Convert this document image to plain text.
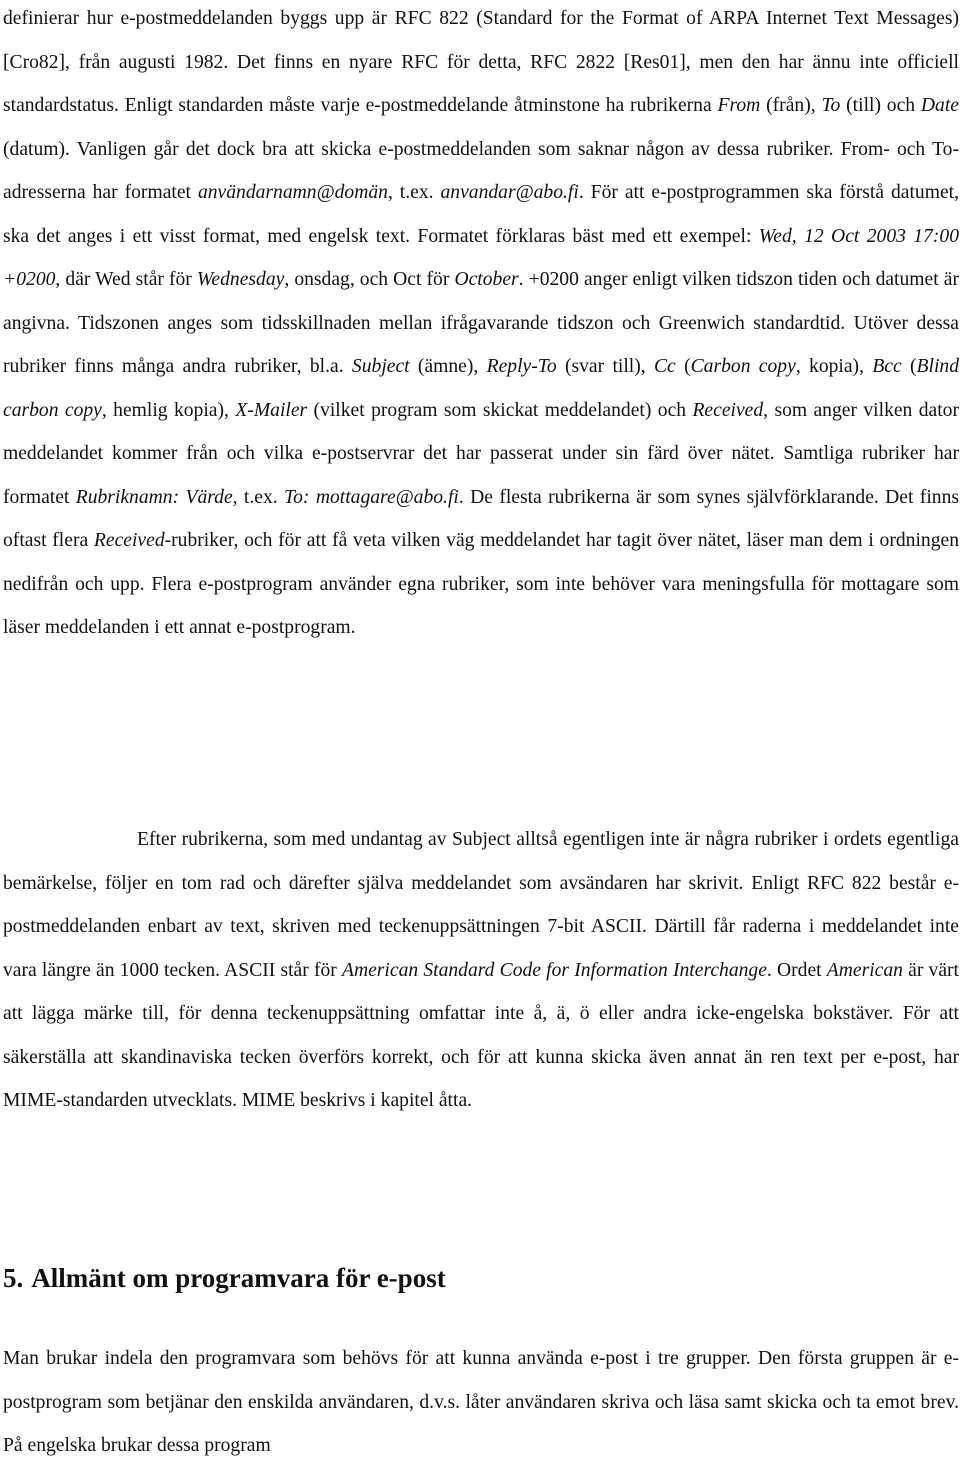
definierar hur e-postmeddelanden byggs upp är RFC 822 (Standard for the Format of ARPA Internet Text Messages) [Cro82], från augusti 1982. Det finns en nyare RFC för detta, RFC 2822 [Res01], men den har ännu inte officiell standardstatus. Enligt standarden måste varje e-postmeddelande åtminstone ha rubrikerna From (från), To (till) och Date (datum). Vanligen går det dock bra att skicka e-postmeddelanden som saknar någon av dessa rubriker. From- och To-adresserna har formatet användarnamn@domän, t.ex. anvandar@abo.fi. För att e-postprogrammen ska förstå datumet, ska det anges i ett visst format, med engelsk text. Formatet förklaras bäst med ett exempel: Wed, 12 Oct 2003 17:00 +0200, där Wed står för Wednesday, onsdag, och Oct för October. +0200 anger enligt vilken tidszon tiden och datumet är angivna. Tidszonen anges som tidsskillnaden mellan ifrågavarande tidszon och Greenwich standardtid. Utöver dessa rubriker finns många andra rubriker, bl.a. Subject (ämne), Reply-To (svar till), Cc (Carbon copy, kopia), Bcc (Blind carbon copy, hemlig kopia), X-Mailer (vilket program som skickat meddelandet) och Received, som anger vilken dator meddelandet kommer från och vilka e-postservrar det har passerat under sin färd över nätet. Samtliga rubriker har formatet Rubriknamn: Värde, t.ex. To: mottagare@abo.fi. De flesta rubrikerna är som synes självförklarande. Det finns oftast flera Received-rubriker, och för att få veta vilken väg meddelandet har tagit över nätet, läser man dem i ordningen nedifrån och upp. Flera e-postprogram använder egna rubriker, som inte behöver vara meningsfulla för mottagare som läser meddelanden i ett annat e-postprogram.

Efter rubrikerna, som med undantag av Subject alltså egentligen inte är några rubriker i ordets egentliga bemärkelse, följer en tom rad och därefter själva meddelandet som avsändaren har skrivit. Enligt RFC 822 består e-postmeddelanden enbart av text, skriven med teckenuppsättningen 7-bit ASCII. Därtill får raderna i meddelandet inte vara längre än 1000 tecken. ASCII står för American Standard Code for Information Interchange. Ordet American är värt att lägga märke till, för denna teckenuppsättning omfattar inte å, ä, ö eller andra icke-engelska bokstäver. För att säkerställa att skandinaviska tecken överförs korrekt, och för att kunna skicka även annat än ren text per e-post, har MIME-standarden utvecklats. MIME beskrivs i kapitel åtta.

5. Allmänt om programvara för e-post

Man brukar indela den programvara som behövs för att kunna använda e-post i tre grupper. Den första gruppen är e-postprogram som betjänar den enskilda användaren, d.v.s. låter användaren skriva och läsa samt skicka och ta emot brev. På engelska brukar dessa program
